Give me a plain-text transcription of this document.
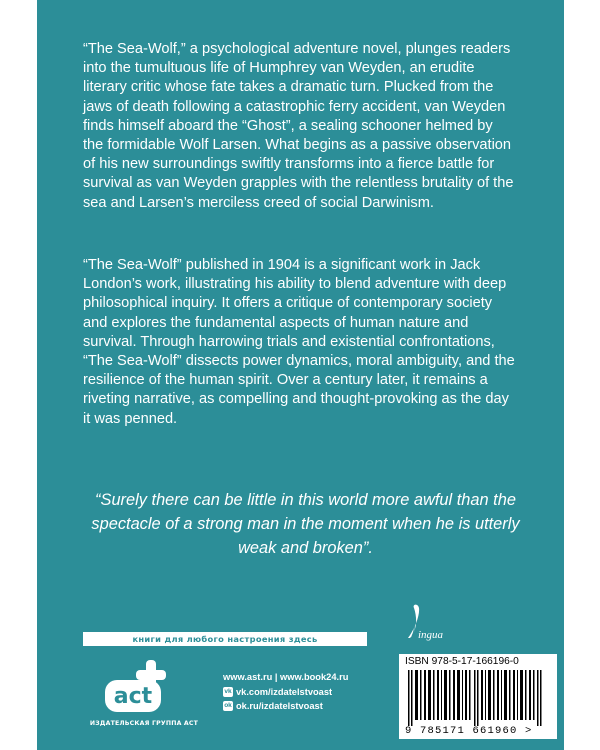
“The Sea-Wolf,” a psychological adventure novel, plunges readers into the tumultuous life of Humphrey van Weyden, an erudite literary critic whose fate takes a dramatic turn. Plucked from the jaws of death following a catastrophic ferry accident, van Weyden finds himself aboard the “Ghost”, a sealing schooner helmed by the formidable Wolf Larsen. What begins as a passive observation of his new surroundings swiftly transforms into a fierce battle for survival as van Weyden grapples with the relentless brutality of the sea and Larsen’s merciless creed of social Darwinism.

“The Sea-Wolf” published in 1904 is a significant work in Jack London’s work, illustrating his ability to blend adventure with deep philosophical inquiry. It offers a critique of contemporary society and explores the fundamental aspects of human nature and survival. Through harrowing trials and existential confrontations, “The Sea-Wolf” dissects power dynamics, moral ambiguity, and the resilience of the human spirit. Over a century later, it remains a riveting narrative, as compelling and thought-provoking as the day it was penned.

“Surely there can be little in this world more awful than the spectacle of a strong man in the moment when he is utterly weak and broken”.

книги для любого настроения здесь	ingua
act
ИЗДАТЕЛЬСКАЯ ГРУППА АСТ
www.ast.ru | www.book24.ru
vk vk.com/izdatelstvoast
ok ok.ru/izdatelstvoast
ISBN 978-5-17-166196-0
9 785171 661960 >
